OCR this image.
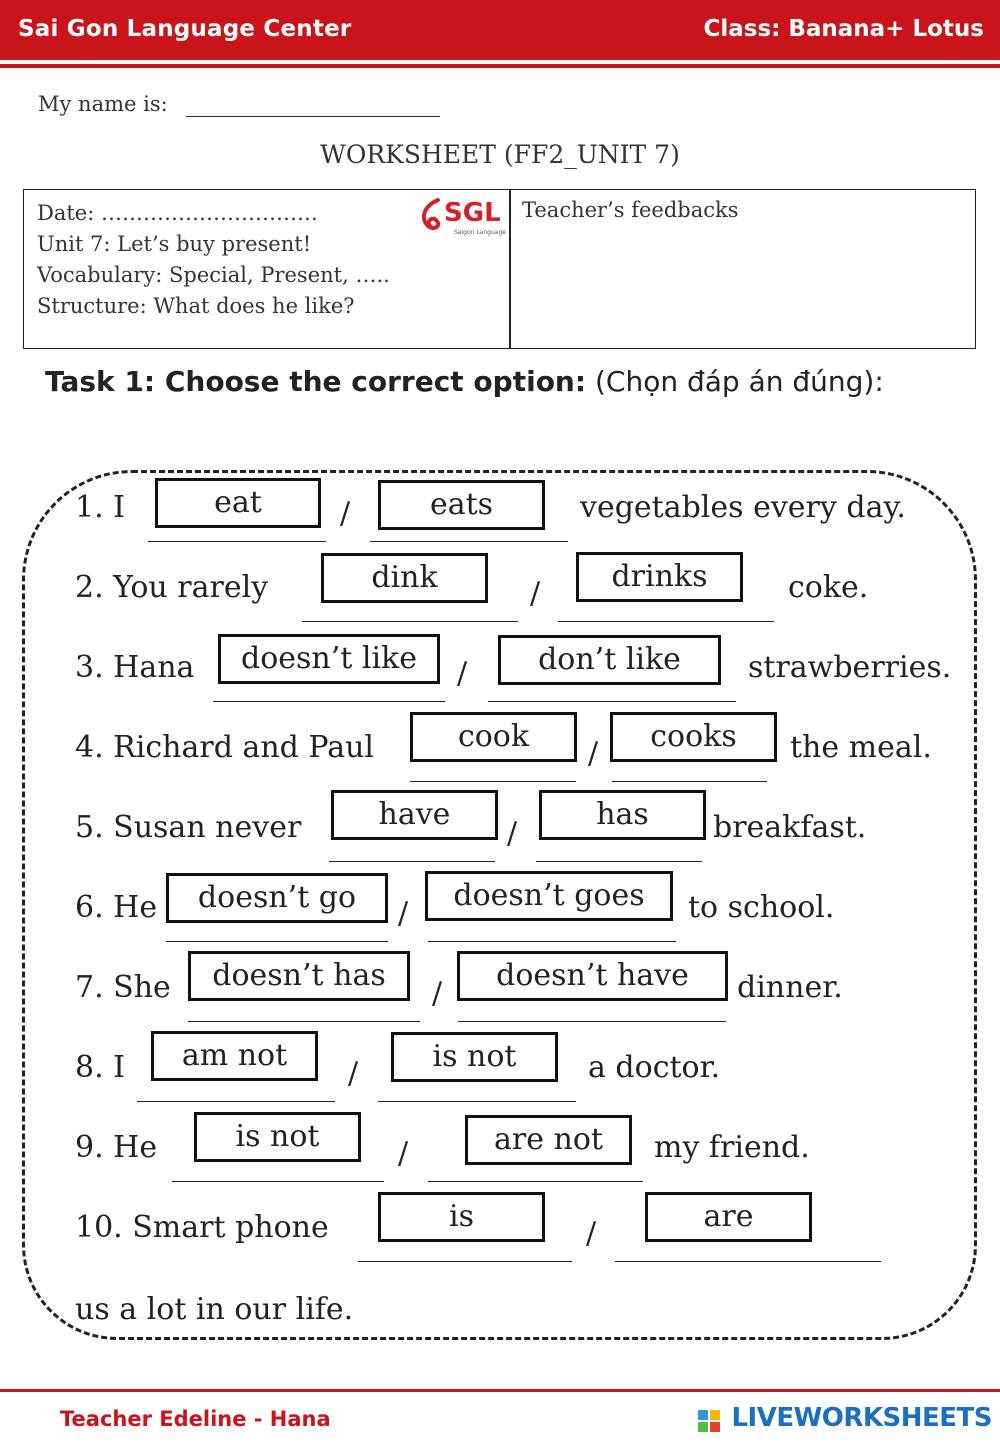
Sai Gon Language Center	Class: Banana+ Lotus
My name is:
WORKSHEET (FF2_UNIT 7)
Date: ………………………….
Unit 7: Let’s buy present!
Vocabulary: Special, Present, …..
Structure: What does he like?
SGL
Saigon Language
Teacher’s feedbacks
Task 1: Choose the correct option: (Chọn đáp án đúng):
1. I	eat	/	eats	vegetables every day.
2. You rarely	dink	/	drinks	coke.
3. Hana	doesn’t like	/	don’t like	strawberries.
4. Richard and Paul	cook	/	cooks	the meal.
5. Susan never	have
/
has	breakfast.
6. He	doesn’t go	/
doesn’t goes	to school.
7. She	doesn’t has
/
doesn’t have	dinner.
8. I	am not
/	is not	a doctor.
9. He	is not	/	are not	my friend.
10. Smart phone	is	/	are
us a lot in our life.
Teacher Edeline - Hana	LIVEWORKSHEETS
